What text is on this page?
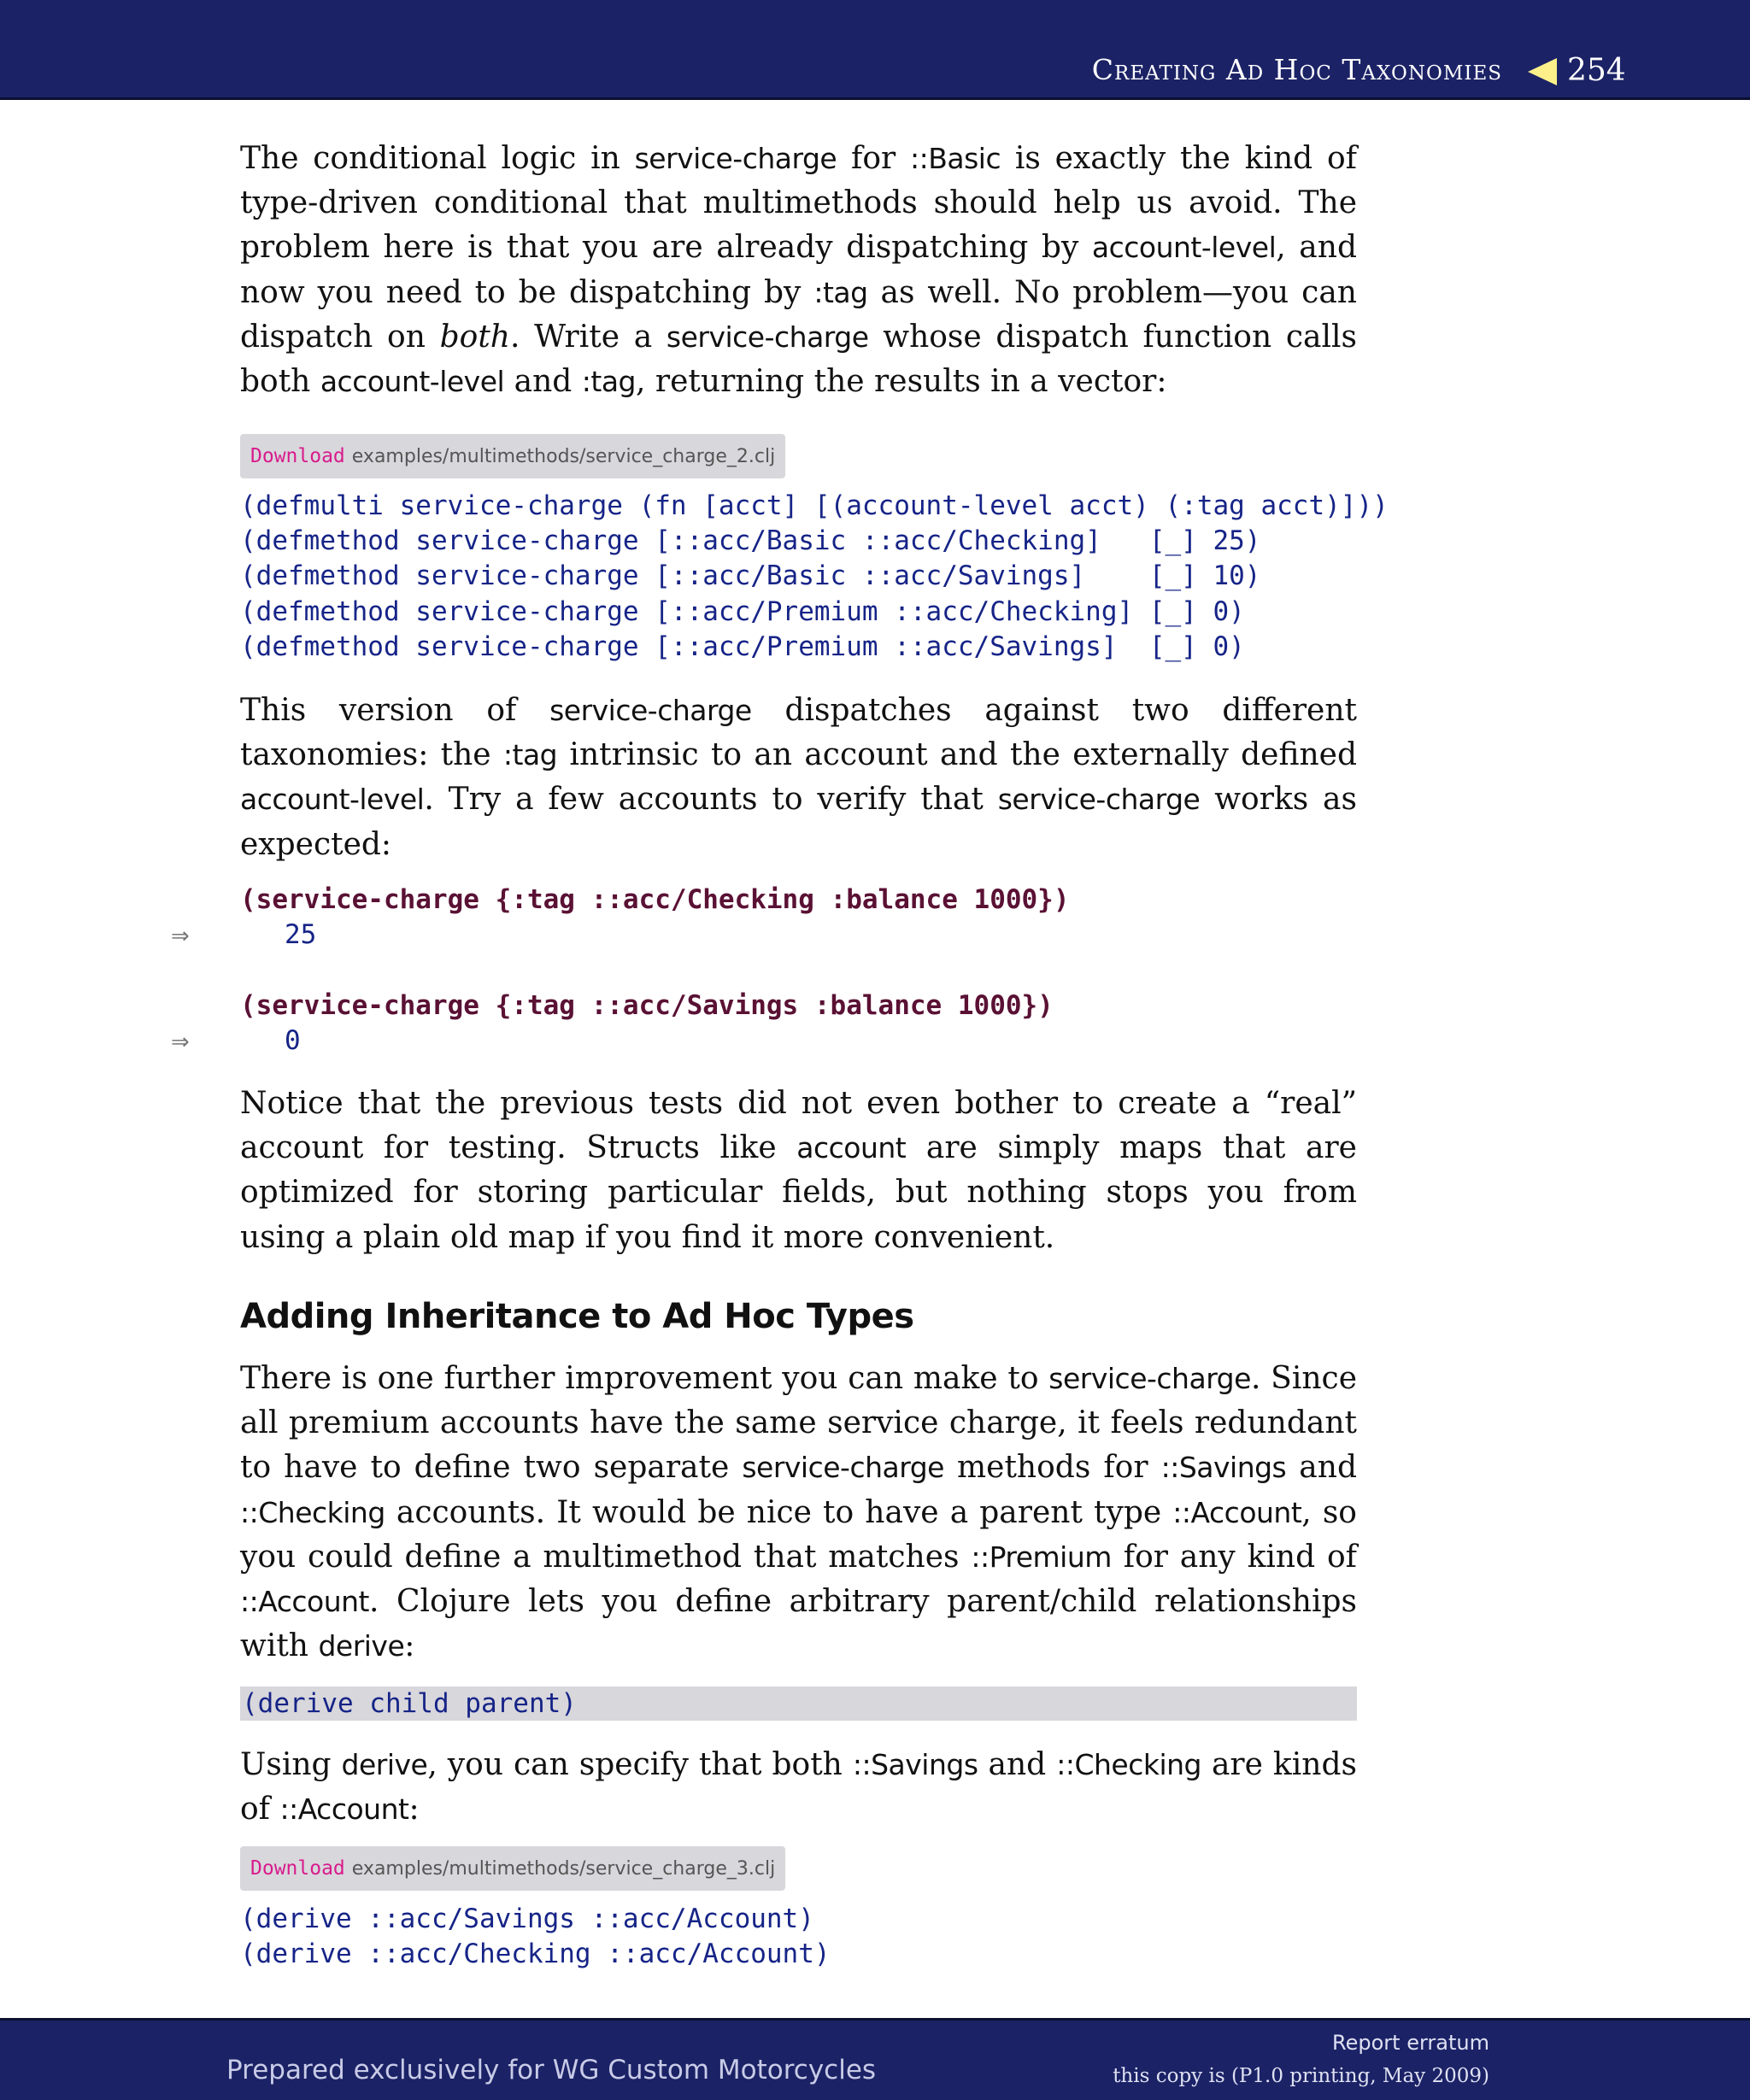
Creating Ad Hoc Taxonomies 254

The conditional logic in service-charge for ::Basic is exactly the kind of type-driven conditional that multimethods should help us avoid. The problem here is that you are already dispatching by account-level, and now you need to be dispatching by :tag as well. No problem—you can dispatch on both. Write a service-charge whose dispatch function calls both account-level and :tag, returning the results in a vector:

Download examples/multimethods/service_charge_2.clj
(defmulti service-charge (fn [acct] [(account-level acct) (:tag acct)]))
(defmethod service-charge [::acc/Basic ::acc/Checking]   [_] 25)
(defmethod service-charge [::acc/Basic ::acc/Savings]    [_] 10)
(defmethod service-charge [::acc/Premium ::acc/Checking] [_] 0)
(defmethod service-charge [::acc/Premium ::acc/Savings]  [_] 0)

This version of service-charge dispatches against two different taxonomies: the :tag intrinsic to an account and the externally defined account-level. Try a few accounts to verify that service-charge works as expected:

(service-charge {:tag ::acc/Checking :balance 1000})
25
(service-charge {:tag ::acc/Savings :balance 1000})
0

Notice that the previous tests did not even bother to create a “real” account for testing. Structs like account are simply maps that are optimized for storing particular fields, but nothing stops you from using a plain old map if you find it more convenient.

Adding Inheritance to Ad Hoc Types

There is one further improvement you can make to service-charge. Since all premium accounts have the same service charge, it feels redundant to have to define two separate service-charge methods for ::Savings and ::Checking accounts. It would be nice to have a parent type ::Account, so you could define a multimethod that matches ::Premium for any kind of ::Account. Clojure lets you define arbitrary parent/child relationships with derive:

(derive child parent)

Using derive, you can specify that both ::Savings and ::Checking are kinds of ::Account:

Download examples/multimethods/service_charge_3.clj
(derive ::acc/Savings ::acc/Account)
(derive ::acc/Checking ::acc/Account)
⇒
⇒
Prepared exclusively for WG Custom Motorcycles
Report erratum
this copy is (P1.0 printing, May 2009)
